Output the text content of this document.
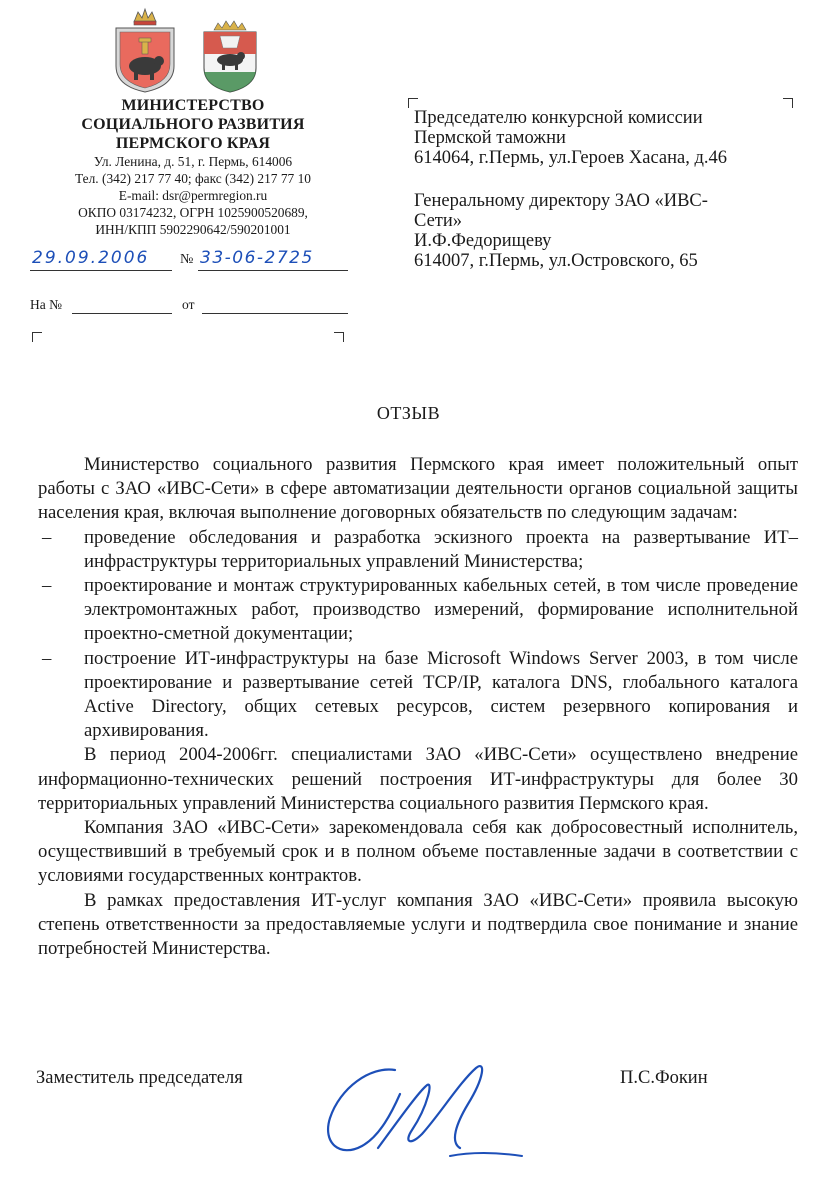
МИНИСТЕРСТВО
СОЦИАЛЬНОГО РАЗВИТИЯ
ПЕРМСКОГО КРАЯ
Ул. Ленина, д. 51, г. Пермь, 614006
Тел. (342) 217 77 40; факс (342) 217 77 10
E-mail: dsr@permregion.ru
ОКПО 03174232, ОГРН 1025900520689,
ИНН/КПП 5902290642/590201001
29.09.2006 № 33-06-2725
На №	от
Председателю конкурсной комиссии
Пермской таможни
614064, г.Пермь, ул.Героев Хасана, д.46
Генеральному директору ЗАО «ИВС-
Сети»
И.Ф.Федорищеву
614007, г.Пермь, ул.Островского, 65
ОТЗЫВ

Министерство социального развития Пермского края имеет положительный опыт работы с ЗАО «ИВС-Сети» в сфере автоматизации деятельности органов социальной защиты населения края, включая выполнение договорных обязательств по следующим задачам:

– проведение обследования и разработка эскизного проекта на развертывание ИТ–инфраструктуры территориальных управлений Министерства;
– проектирование и монтаж структурированных кабельных сетей, в том числе проведение электромонтажных работ, производство измерений, формирование исполнительной проектно-сметной документации;
– построение ИТ-инфраструктуры на базе Microsoft Windows Server 2003, в том числе проектирование и развертывание сетей TCP/IP, каталога DNS, глобального каталога Active Directory, общих сетевых ресурсов, систем резервного копирования и архивирования.

В период 2004-2006гг. специалистами ЗАО «ИВС-Сети» осуществлено внедрение информационно-технических решений построения ИТ-инфраструктуры для более 30 территориальных управлений Министерства социального развития Пермского края.

Компания ЗАО «ИВС-Сети» зарекомендовала себя как добросовестный исполнитель, осуществивший в требуемый срок и в полном объеме поставленные задачи в соответствии с условиями государственных контрактов.

В рамках предоставления ИТ-услуг компания ЗАО «ИВС-Сети» проявила высокую степень ответственности за предоставляемые услуги и подтвердила свое понимание и знание потребностей Министерства.

Заместитель председателя	П.С.Фокин
